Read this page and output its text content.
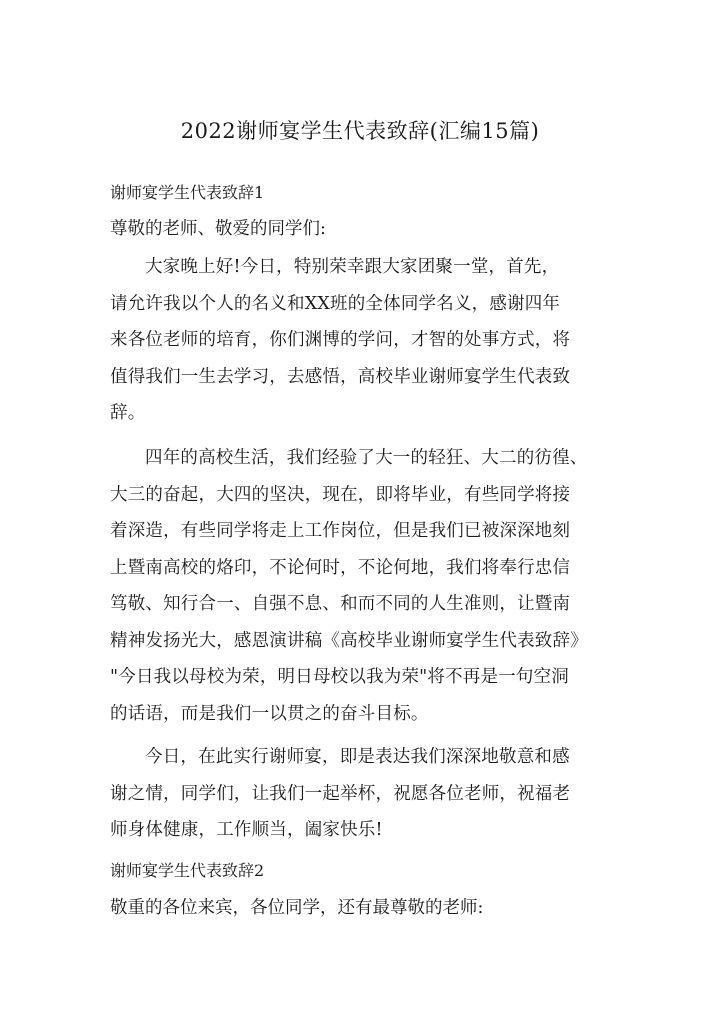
2022谢师宴学生代表致辞(汇编15篇)
谢师宴学生代表致辞1
尊敬的老师、敬爱的同学们:
大家晚上好!今日，特别荣幸跟大家团聚一堂，首先，
请允许我以个人的名义和XX班的全体同学名义，感谢四年
来各位老师的培育，你们渊博的学问，才智的处事方式，将
值得我们一生去学习，去感悟，高校毕业谢师宴学生代表致
辞。
四年的高校生活，我们经验了大一的轻狂、大二的彷徨、
大三的奋起，大四的坚决，现在，即将毕业，有些同学将接
着深造，有些同学将走上工作岗位，但是我们已被深深地刻
上暨南高校的烙印，不论何时，不论何地，我们将奉行忠信
笃敬、知行合一、自强不息、和而不同的人生准则，让暨南
精神发扬光大，感恩演讲稿《高校毕业谢师宴学生代表致辞》
"今日我以母校为荣，明日母校以我为荣"将不再是一句空洞
的话语，而是我们一以贯之的奋斗目标。
今日，在此实行谢师宴，即是表达我们深深地敬意和感
谢之情，同学们，让我们一起举杯，祝愿各位老师，祝福老
师身体健康，工作顺当，阖家快乐!
谢师宴学生代表致辞2
敬重的各位来宾，各位同学，还有最尊敬的老师:
